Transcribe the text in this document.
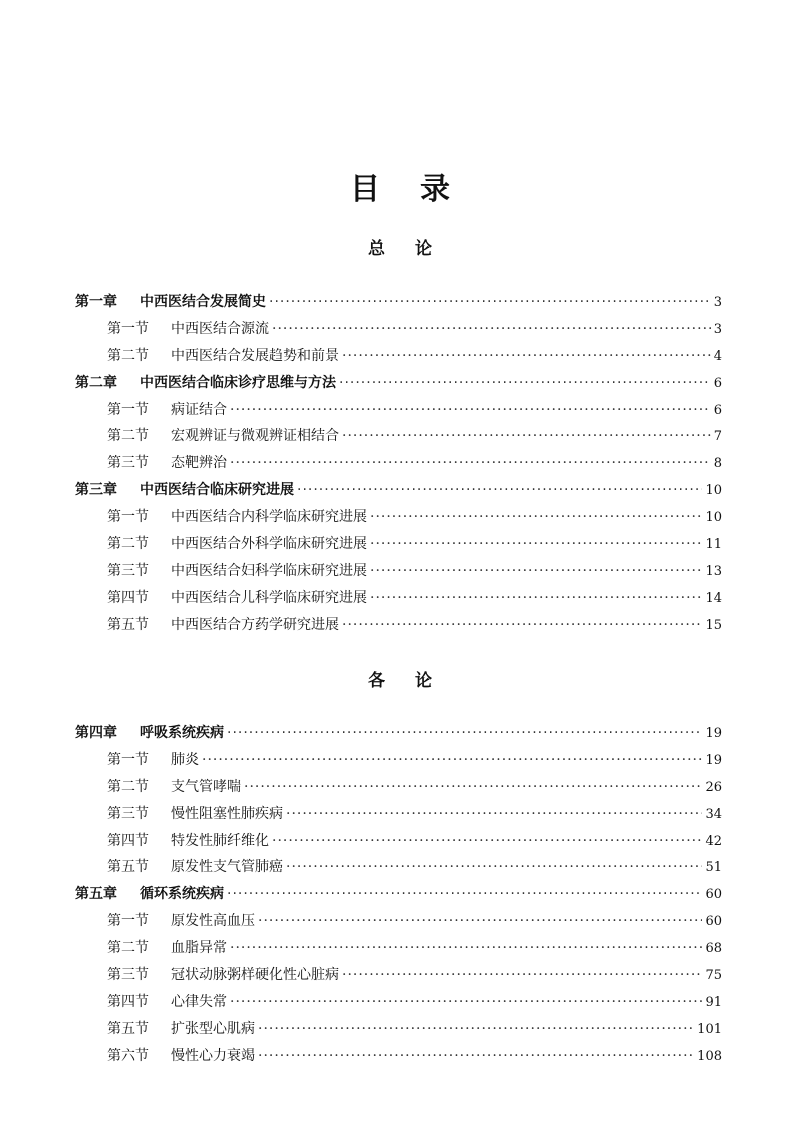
目录
总论
第一章	中西医结合发展简史 ·····	3
第一节	中西医结合源流 ·····	3
第二节	中西医结合发展趋势和前景 ·····	4
第二章	中西医结合临床诊疗思维与方法 ·····	6
第一节	病证结合 ·····	6
第二节	宏观辨证与微观辨证相结合 ·····	7
第三节	态靶辨治 ·····	8
第三章	中西医结合临床研究进展 ·····	10
第一节	中西医结合内科学临床研究进展 ·····	10
第二节	中西医结合外科学临床研究进展 ·····	11
第三节	中西医结合妇科学临床研究进展 ·····	13
第四节	中西医结合儿科学临床研究进展 ·····	14
第五节	中西医结合方药学研究进展 ·····	15
各论
第四章	呼吸系统疾病 ·····	19
第一节	肺炎 ·····	19
第二节	支气管哮喘 ·····	26
第三节	慢性阻塞性肺疾病 ·····	34
第四节	特发性肺纤维化 ·····	42
第五节	原发性支气管肺癌 ·····	51
第五章	循环系统疾病 ·····	60
第一节	原发性高血压 ·····	60
第二节	血脂异常 ·····	68
第三节	冠状动脉粥样硬化性心脏病 ·····	75
第四节	心律失常 ·····	91
第五节	扩张型心肌病 ·····	101
第六节	慢性心力衰竭 ·····	108
